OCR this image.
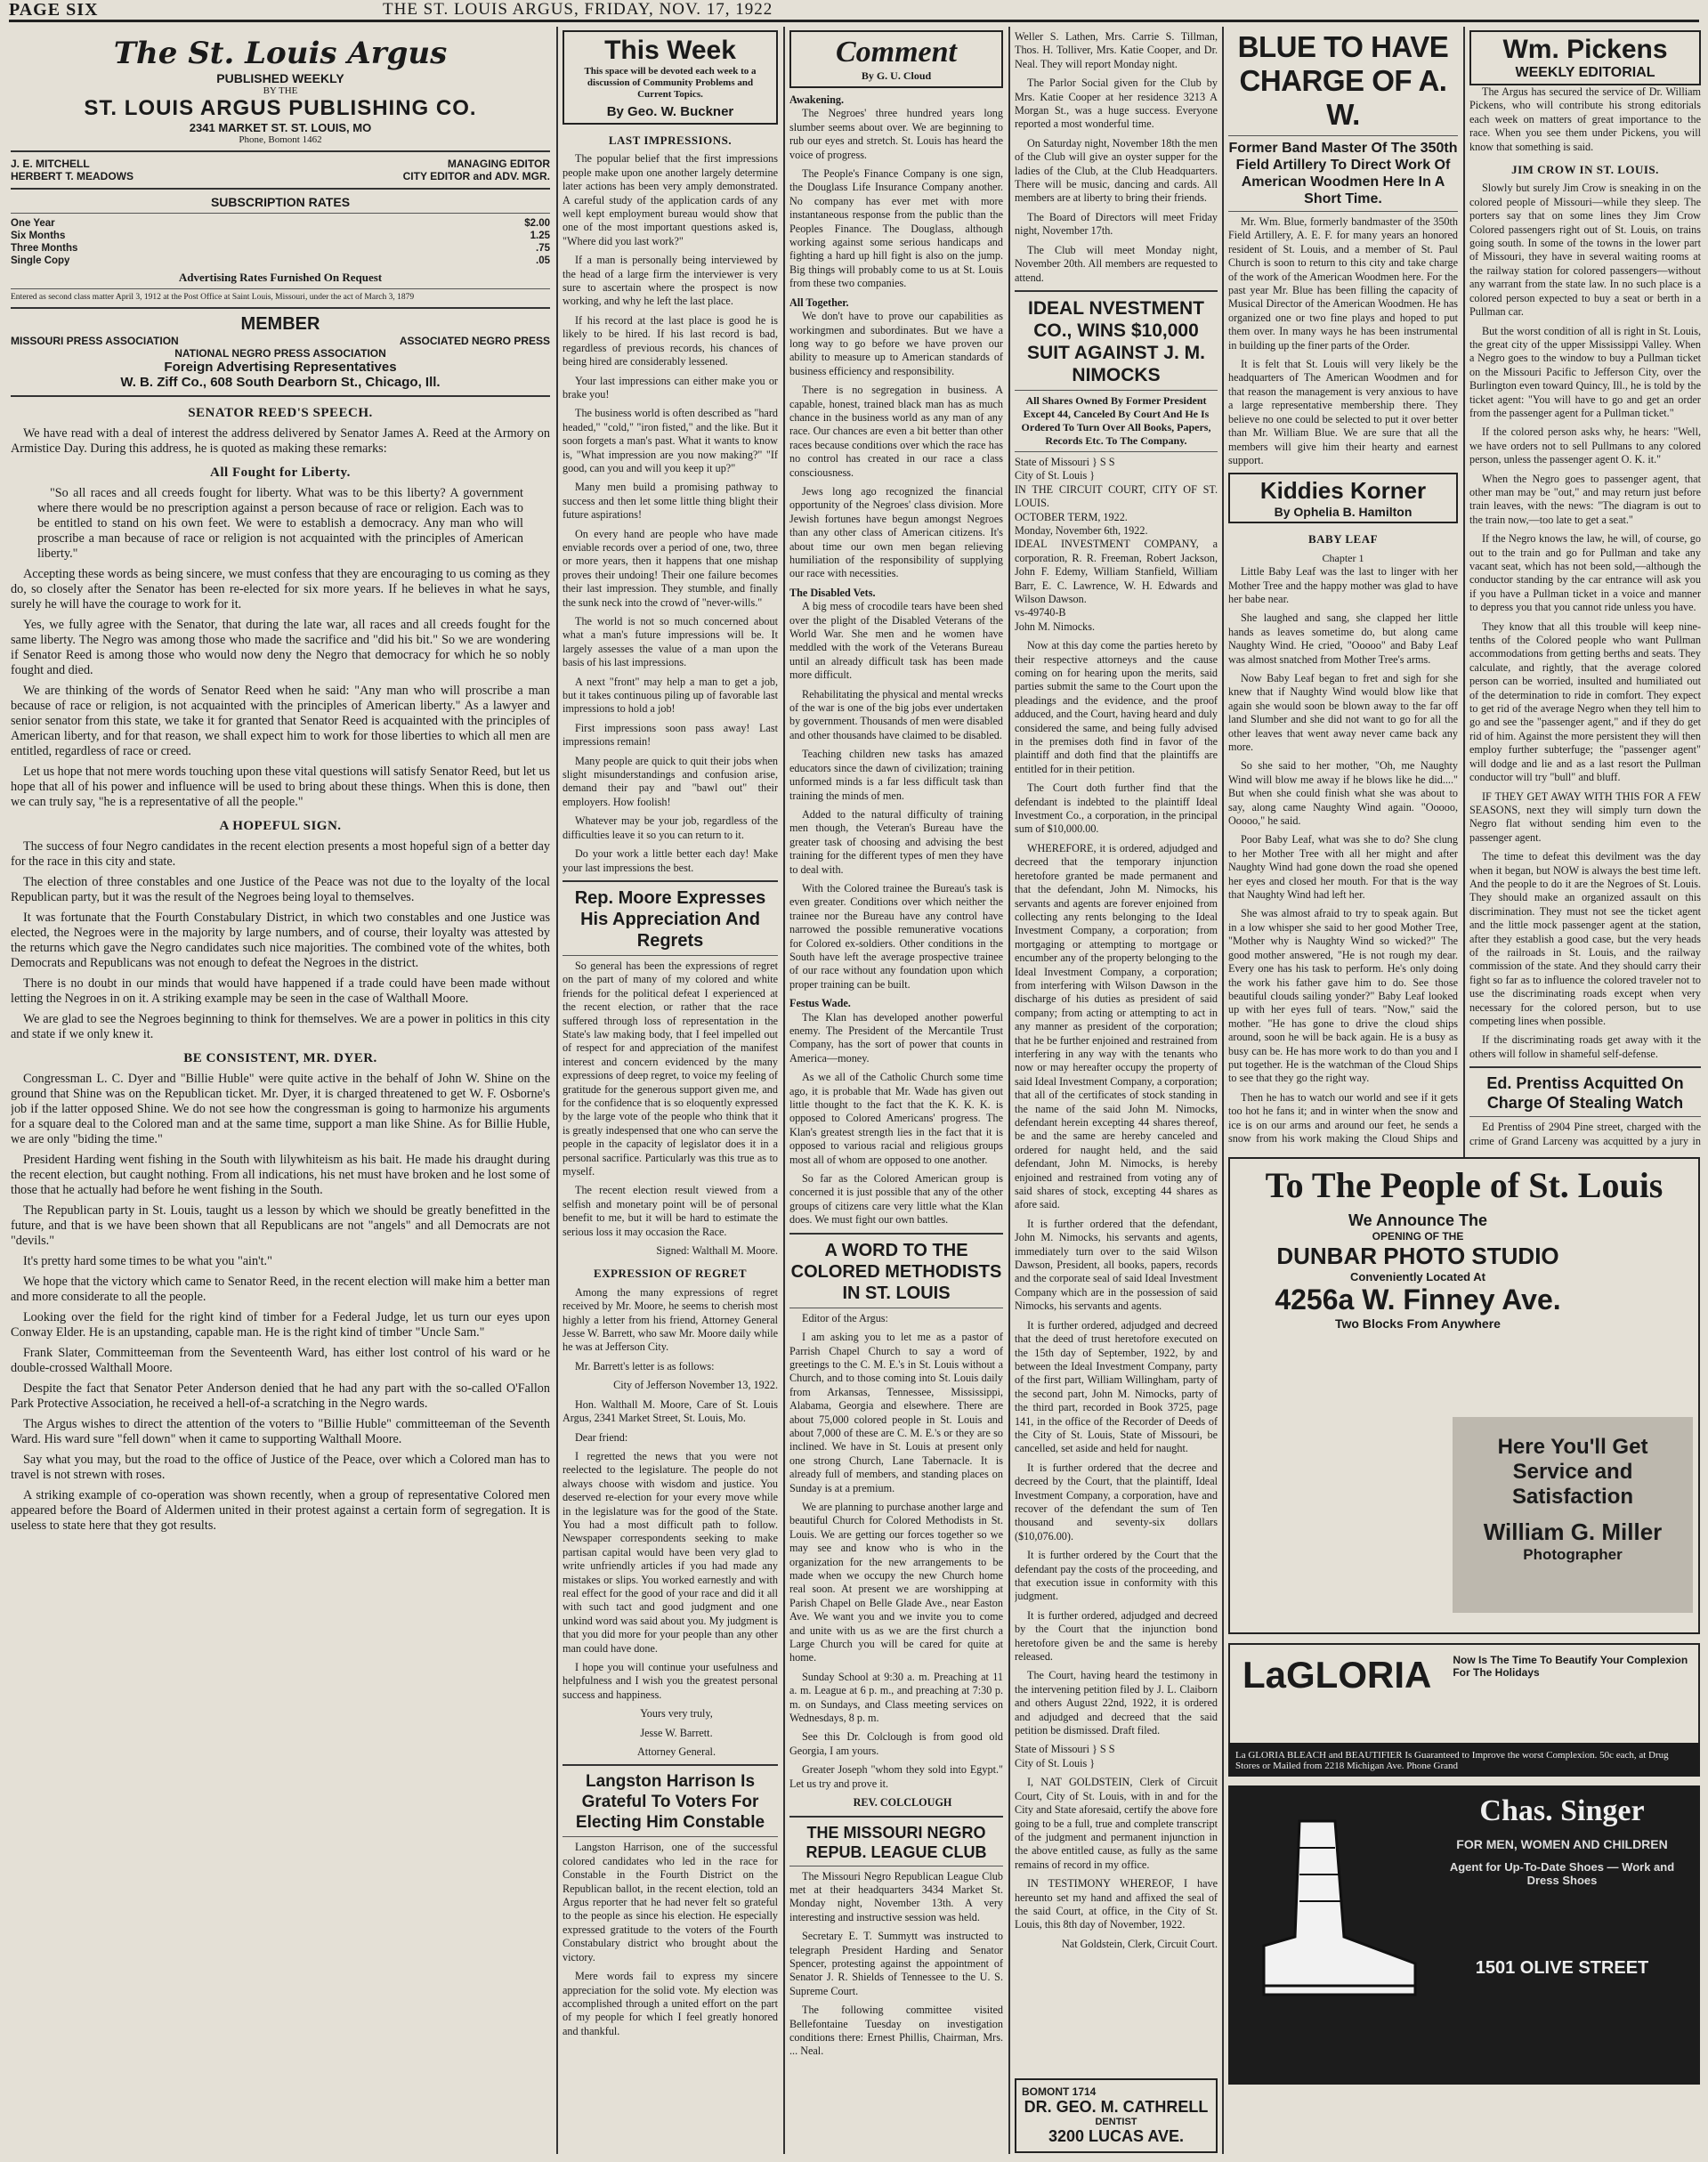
PAGE SIX	THE ST. LOUIS ARGUS, FRIDAY, NOV. 17, 1922
The St. Louis Argus
PUBLISHED WEEKLY
BY THE
ST. LOUIS ARGUS PUBLISHING CO.
2341 MARKET ST. ST. LOUIS, MO
Phone, Bomont 1462
J. E. MITCHELL	MANAGING EDITOR
HERBERT T. MEADOWS	CITY EDITOR and ADV. MGR.
SUBSCRIPTION RATES
One Year	$2.00
Six Months	1.25
Three Months	.75
Single Copy	.05
Advertising Rates Furnished On Request
Entered as second class matter April 3, 1912 at the Post Office at Saint Louis, Missouri, under the act of March 3, 1879
MEMBER
MISSOURI PRESS ASSOCIATION	ASSOCIATED NEGRO PRESS
NATIONAL NEGRO PRESS ASSOCIATION
Foreign Advertising Representatives
W. B. Ziff Co., 608 South Dearborn St., Chicago, Ill.
SENATOR REED'S SPEECH.

We have read with a deal of interest the address delivered by Senator James A. Reed at the Armory on Armistice Day. During this address, he is quoted as making these remarks:

All Fought for Liberty.

"So all races and all creeds fought for liberty. What was to be this liberty? A government where there would be no prescription against a person because of race or religion. Each was to be entitled to stand on his own feet. We were to establish a democracy. Any man who will proscribe a man because of race or religion is not acquainted with the principles of American liberty."

Accepting these words as being sincere, we must confess that they are encouraging to us coming as they do, so closely after the Senator has been re-elected for six more years. If he believes in what he says, surely he will have the courage to work for it.

Yes, we fully agree with the Senator, that during the late war, all races and all creeds fought for the same liberty. The Negro was among those who made the sacrifice and "did his bit." So we are wondering if Senator Reed is among those who would now deny the Negro that democracy for which he so nobly fought and died.

We are thinking of the words of Senator Reed when he said: "Any man who will proscribe a man because of race or religion, is not acquainted with the principles of American liberty." As a lawyer and senior senator from this state, we take it for granted that Senator Reed is acquainted with the principles of American liberty, and for that reason, we shall expect him to work for those liberties to which all men are entitled, regardless of race or creed.

Let us hope that not mere words touching upon these vital questions will satisfy Senator Reed, but let us hope that all of his power and influence will be used to bring about these things. When this is done, then we can truly say, "he is a representative of all the people."

A HOPEFUL SIGN.

The success of four Negro candidates in the recent election presents a most hopeful sign of a better day for the race in this city and state.

The election of three constables and one Justice of the Peace was not due to the loyalty of the local Republican party, but it was the result of the Negroes being loyal to themselves.

It was fortunate that the Fourth Constabulary District, in which two constables and one Justice was elected, the Negroes were in the majority by large numbers, and of course, their loyalty was attested by the returns which gave the Negro candidates such nice majorities. The combined vote of the whites, both Democrats and Republicans was not enough to defeat the Negroes in the district.

There is no doubt in our minds that would have happened if a trade could have been made without letting the Negroes in on it. A striking example may be seen in the case of Walthall Moore.

We are glad to see the Negroes beginning to think for themselves. We are a power in politics in this city and state if we only knew it.

BE CONSISTENT, MR. DYER.

Congressman L. C. Dyer and "Billie Huble" were quite active in the behalf of John W. Shine on the ground that Shine was on the Republican ticket. Mr. Dyer, it is charged threatened to get W. F. Osborne's job if the latter opposed Shine. We do not see how the congressman is going to harmonize his arguments for a square deal to the Colored man and at the same time, support a man like Shine. As for Billie Huble, we are only "biding the time."

President Harding went fishing in the South with lilywhiteism as his bait. He made his draught during the recent election, but caught nothing. From all indications, his net must have broken and he lost some of those that he actually had before he went fishing in the South.

The Republican party in St. Louis, taught us a lesson by which we should be greatly benefitted in the future, and that is we have been shown that all Republicans are not "angels" and all Democrats are not "devils."

It's pretty hard some times to be what you "ain't."

We hope that the victory which came to Senator Reed, in the recent election will make him a better man and more considerate to all the people.

Looking over the field for the right kind of timber for a Federal Judge, let us turn our eyes upon Conway Elder. He is an upstanding, capable man. He is the right kind of timber "Uncle Sam."

Frank Slater, Committeeman from the Seventeenth Ward, has either lost control of his ward or he double-crossed Walthall Moore.

Despite the fact that Senator Peter Anderson denied that he had any part with the so-called O'Fallon Park Protective Association, he received a hell-of-a scratching in the Negro wards.

The Argus wishes to direct the attention of the voters to "Billie Huble" committeeman of the Seventh Ward. His ward sure "fell down" when it came to supporting Walthall Moore.

Say what you may, but the road to the office of Justice of the Peace, over which a Colored man has to travel is not strewn with roses.

A striking example of co-operation was shown recently, when a group of representative Colored men appeared before the Board of Aldermen united in their protest against a certain form of segregation. It is useless to state here that they got results.

This Week
This space will be devoted each week to a discussion of Community Problems and Current Topics.
By Geo. W. Buckner
LAST IMPRESSIONS.

The popular belief that the first impressions people make upon one another largely determine later actions has been very amply demonstrated. A careful study of the application cards of any well kept employment bureau would show that one of the most important questions asked is, "Where did you last work?"

If a man is personally being interviewed by the head of a large firm the interviewer is very sure to ascertain where the prospect is now working, and why he left the last place.

If his record at the last place is good he is likely to be hired. If his last record is bad, regardless of previous records, his chances of being hired are considerably lessened.

Your last impressions can either make you or brake you!

The business world is often described as "hard headed," "cold," "iron fisted," and the like. But it soon forgets a man's past. What it wants to know is, "What impression are you now making?" "If good, can you and will you keep it up?"

Many men build a promising pathway to success and then let some little thing blight their future aspirations!

On every hand are people who have made enviable records over a period of one, two, three or more years, then it happens that one mishap proves their undoing! Their one failure becomes their last impression. They stumble, and finally the sunk neck into the crowd of "never-wills."

The world is not so much concerned about what a man's future impressions will be. It largely assesses the value of a man upon the basis of his last impressions.

A next "front" may help a man to get a job, but it takes continuous piling up of favorable last impressions to hold a job!

First impressions soon pass away! Last impressions remain!

Many people are quick to quit their jobs when slight misunderstandings and confusion arise, demand their pay and "bawl out" their employers. How foolish!

Whatever may be your job, regardless of the difficulties leave it so you can return to it.

Do your work a little better each day! Make your last impressions the best.

Rep. Moore Expresses His Appreciation And Regrets

So general has been the expressions of regret on the part of many of my colored and white friends for the political defeat I experienced at the recent election, or rather that the race suffered through loss of representation in the State's law making body, that I feel impelled out of respect for and appreciation of the manifest interest and concern evidenced by the many expressions of deep regret, to voice my feeling of gratitude for the generous support given me, and for the confidence that is so eloquently expressed by the large vote of the people who think that it is greatly indespensed that one who can serve the people in the capacity of legislator does it in a personal sacrifice. Particularly was this true as to myself.

The recent election result viewed from a selfish and monetary point will be of personal benefit to me, but it will be hard to estimate the serious loss it may occasion the Race.

Signed: Walthall M. Moore.

EXPRESSION OF REGRET

Among the many expressions of regret received by Mr. Moore, he seems to cherish most highly a letter from his friend, Attorney General Jesse W. Barrett, who saw Mr. Moore daily while he was at Jefferson City.

Mr. Barrett's letter is as follows:

City of Jefferson November 13, 1922.

Hon. Walthall M. Moore, Care of St. Louis Argus, 2341 Market Street, St. Louis, Mo.

Dear friend:

I regretted the news that you were not reelected to the legislature. The people do not always choose with wisdom and justice. You deserved re-election for your every move while in the legislature was for the good of the State. You had a most difficult path to follow. Newspaper correspondents seeking to make partisan capital would have been very glad to write unfriendly articles if you had made any mistakes or slips. You worked earnestly and with real effect for the good of your race and did it all with such tact and good judgment and one unkind word was said about you. My judgment is that you did more for your people than any other man could have done.

I hope you will continue your usefulness and helpfulness and I wish you the greatest personal success and happiness.

Yours very truly,

Jesse W. Barrett.

Attorney General.

Langston Harrison Is Grateful To Voters For Electing Him Constable

Langston Harrison, one of the successful colored candidates who led in the race for Constable in the Fourth District on the Republican ballot, in the recent election, told an Argus reporter that he had never felt so grateful to the people as since his election. He especially expressed gratitude to the voters of the Fourth Constabulary district who brought about the victory.

Mere words fail to express my sincere appreciation for the solid vote. My election was accomplished through a united effort on the part of my people for which I feel greatly honored and thankful.

Comment
By G. U. Cloud
Awakening.

The Negroes' three hundred years long slumber seems about over. We are beginning to rub our eyes and stretch. St. Louis has heard the voice of progress.

The People's Finance Company is one sign, the Douglass Life Insurance Company another. No company has ever met with more instantaneous response from the public than the Peoples Finance. The Douglass, although working against some serious handicaps and fighting a hard up hill fight is also on the jump. Big things will probably come to us at St. Louis from these two companies.

All Together.

We don't have to prove our capabilities as workingmen and subordinates. But we have a long way to go before we have proven our ability to measure up to American standards of business efficiency and responsibility.

There is no segregation in business. A capable, honest, trained black man has as much chance in the business world as any man of any race. Our chances are even a bit better than other races because conditions over which the race has no control has created in our race a class consciousness.

Jews long ago recognized the financial opportunity of the Negroes' class division. More Jewish fortunes have begun amongst Negroes than any other class of American citizens. It's about time our own men began relieving humiliation of the responsibility of supplying our race with necessities.

The Disabled Vets.

A big mess of crocodile tears have been shed over the plight of the Disabled Veterans of the World War. She men and he women have meddled with the work of the Veterans Bureau until an already difficult task has been made more difficult.

Rehabilitating the physical and mental wrecks of the war is one of the big jobs ever undertaken by government. Thousands of men were disabled and other thousands have claimed to be disabled.

Teaching children new tasks has amazed educators since the dawn of civilization; training unformed minds is a far less difficult task than training the minds of men.

Added to the natural difficulty of training men though, the Veteran's Bureau have the greater task of choosing and advising the best training for the different types of men they have to deal with.

With the Colored trainee the Bureau's task is even greater. Conditions over which neither the trainee nor the Bureau have any control have narrowed the possible remunerative vocations for Colored ex-soldiers. Other conditions in the South have left the average prospective trainee of our race without any foundation upon which proper training can be built.

Festus Wade.

The Klan has developed another powerful enemy. The President of the Mercantile Trust Company, has the sort of power that counts in America—money.

As we all of the Catholic Church some time ago, it is probable that Mr. Wade has given out little thought to the fact that the K. K. K. is opposed to Colored Americans' progress. The Klan's greatest strength lies in the fact that it is opposed to various racial and religious groups most all of whom are opposed to one another.

So far as the Colored American group is concerned it is just possible that any of the other groups of citizens care very little what the Klan does. We must fight our own battles.

A WORD TO THE COLORED METHODISTS IN ST. LOUIS

Editor of the Argus:

I am asking you to let me as a pastor of Parrish Chapel Church to say a word of greetings to the C. M. E.'s in St. Louis without a Church, and to those coming into St. Louis daily from Arkansas, Tennessee, Mississippi, Alabama, Georgia and elsewhere. There are about 75,000 colored people in St. Louis and about 7,000 of these are C. M. E.'s or they are so inclined. We have in St. Louis at present only one strong Church, Lane Tabernacle. It is already full of members, and standing places on Sunday is at a premium.

We are planning to purchase another large and beautiful Church for Colored Methodists in St. Louis. We are getting our forces together so we may see and know who is who in the organization for the new arrangements to be made when we occupy the new Church home real soon. At present we are worshipping at Parish Chapel on Belle Glade Ave., near Easton Ave. We want you and we invite you to come and unite with us as we are the first church a Large Church you will be cared for quite at home.

Sunday School at 9:30 a. m. Preaching at 11 a. m. League at 6 p. m., and preaching at 7:30 p. m. on Sundays, and Class meeting services on Wednesdays, 8 p. m.

See this Dr. Colclough is from good old Georgia, I am yours.

Greater Joseph "whom they sold into Egypt." Let us try and prove it.

REV. COLCLOUGH

THE MISSOURI NEGRO REPUB. LEAGUE CLUB

The Missouri Negro Republican League Club met at their headquarters 3434 Market St. Monday night, November 13th. A very interesting and instructive session was held.

Secretary E. T. Summytt was instructed to telegraph President Harding and Senator Spencer, protesting against the appointment of Senator J. R. Shields of Tennessee to the U. S. Supreme Court.

The following committee visited Bellefontaine Tuesday on investigation conditions there: Ernest Phillis, Chairman, Mrs. ... Neal.

Weller S. Lathen, Mrs. Carrie S. Tillman, Thos. H. Tolliver, Mrs. Katie Cooper, and Dr. Neal. They will report Monday night.

The Parlor Social given for the Club by Mrs. Katie Cooper at her residence 3213 A Morgan St., was a huge success. Everyone reported a most wonderful time.

On Saturday night, November 18th the men of the Club will give an oyster supper for the ladies of the Club, at the Club Headquarters. There will be music, dancing and cards. All members are at liberty to bring their friends.

The Board of Directors will meet Friday night, November 17th.

The Club will meet Monday night, November 20th. All members are requested to attend.

IDEAL NVESTMENT CO., WINS $10,000 SUIT AGAINST J. M. NIMOCKS
All Shares Owned By Former President Except 44, Canceled By Court And He Is Ordered To Turn Over All Books, Papers, Records Etc. To The Company.

State of Missouri } S S
City of St. Louis }
IN THE CIRCUIT COURT, CITY OF ST. LOUIS.
OCTOBER TERM, 1922.
Monday, November 6th, 1922.
IDEAL INVESTMENT COMPANY, a corporation, R. R. Freeman, Robert Jackson, John F. Edemy, William Stanfield, William Barr, E. C. Lawrence, W. H. Edwards and Wilson Dawson.
vs-49740-B
John M. Nimocks.

Now at this day come the parties hereto by their respective attorneys and the cause coming on for hearing upon the merits, said parties submit the same to the Court upon the pleadings and the evidence, and the proof adduced, and the Court, having heard and duly considered the same, and being fully advised in the premises doth find in favor of the plaintiff and doth find that the plaintiffs are entitled for in their petition.

The Court doth further find that the defendant is indebted to the plaintiff Ideal Investment Co., a corporation, in the principal sum of $10,000.00.

WHEREFORE, it is ordered, adjudged and decreed that the temporary injunction heretofore granted be made permanent and that the defendant, John M. Nimocks, his servants and agents are forever enjoined from collecting any rents belonging to the Ideal Investment Company, a corporation; from mortgaging or attempting to mortgage or encumber any of the property belonging to the Ideal Investment Company, a corporation; from interfering with Wilson Dawson in the discharge of his duties as president of said company; from acting or attempting to act in any manner as president of the corporation; that he be further enjoined and restrained from interfering in any way with the tenants who now or may hereafter occupy the property of said Ideal Investment Company, a corporation; that all of the certificates of stock standing in the name of the said John M. Nimocks, defendant herein excepting 44 shares thereof, be and the same are hereby canceled and ordered for naught held, and the said defendant, John M. Nimocks, is hereby enjoined and restrained from voting any of said shares of stock, excepting 44 shares as afore said.

It is further ordered that the defendant, John M. Nimocks, his servants and agents, immediately turn over to the said Wilson Dawson, President, all books, papers, records and the corporate seal of said Ideal Investment Company which are in the possession of said Nimocks, his servants and agents.

It is further ordered, adjudged and decreed that the deed of trust heretofore executed on the 15th day of September, 1922, by and between the Ideal Investment Company, party of the first part, William Willingham, party of the second part, John M. Nimocks, party of the third part, recorded in Book 3725, page 141, in the office of the Recorder of Deeds of the City of St. Louis, State of Missouri, be cancelled, set aside and held for naught.

It is further ordered that the decree and decreed by the Court, that the plaintiff, Ideal Investment Company, a corporation, have and recover of the defendant the sum of Ten thousand and seventy-six dollars ($10,076.00).

It is further ordered by the Court that the defendant pay the costs of the proceeding, and that execution issue in conformity with this judgment.

It is further ordered, adjudged and decreed by the Court that the injunction bond heretofore given be and the same is hereby released.

The Court, having heard the testimony in the intervening petition filed by J. L. Claiborn and others August 22nd, 1922, it is ordered and adjudged and decreed that the said petition be dismissed. Draft filed.

State of Missouri } S S
City of St. Louis }

I, NAT GOLDSTEIN, Clerk of Circuit Court, City of St. Louis, with in and for the City and State aforesaid, certify the above fore going to be a full, true and complete transcript of the judgment and permanent injunction in the above entitled cause, as fully as the same remains of record in my office.

IN TESTIMONY WHEREOF, I have hereunto set my hand and affixed the seal of the said Court, at office, in the City of St. Louis, this 8th day of November, 1922.

Nat Goldstein, Clerk, Circuit Court.

BOMONT 1714
DR. GEO. M. CATHRELL
DENTIST
3200 LUCAS AVE.
BLUE TO HAVE CHARGE OF A. W.
Former Band Master Of The 350th Field Artillery To Direct Work Of American Woodmen Here In A Short Time.

Mr. Wm. Blue, formerly bandmaster of the 350th Field Artillery, A. E. F. for many years an honored resident of St. Louis, and a member of St. Paul Church is soon to return to this city and take charge of the work of the American Woodmen here. For the past year Mr. Blue has been filling the capacity of Musical Director of the American Woodmen. He has organized one or two fine plays and hoped to put them over. In many ways he has been instrumental in building up the finer parts of the Order.

It is felt that St. Louis will very likely be the headquarters of The American Woodmen and for that reason the management is very anxious to have a large representative membership there. They believe no one could be selected to put it over better than Mr. William Blue. We are sure that all the members will give him their hearty and earnest support.

Kiddies Korner
By Ophelia B. Hamilton
BABY LEAF
Chapter 1

Little Baby Leaf was the last to linger with her Mother Tree and the happy mother was glad to have her babe near.

She laughed and sang, she clapped her little hands as leaves sometime do, but along came Naughty Wind. He cried, "Ooooo" and Baby Leaf was almost snatched from Mother Tree's arms.

Now Baby Leaf began to fret and sigh for she knew that if Naughty Wind would blow like that again she would soon be blown away to the far off land Slumber and she did not want to go for all the other leaves that went away never came back any more.

So she said to her mother, "Oh, me Naughty Wind will blow me away if he blows like he did...." But when she could finish what she was about to say, along came Naughty Wind again. "Ooooo, Ooooo," he said.

Poor Baby Leaf, what was she to do? She clung to her Mother Tree with all her might and after Naughty Wind had gone down the road she opened her eyes and closed her mouth. For that is the way that Naughty Wind had left her.

She was almost afraid to try to speak again. But in a low whisper she said to her good Mother Tree, "Mother why is Naughty Wind so wicked?" The good mother answered, "He is not rough my dear. Every one has his task to perform. He's only doing the work his father gave him to do. See those beautiful clouds sailing yonder?" Baby Leaf looked up with her eyes full of tears. "Now," said the mother. "He has gone to drive the cloud ships around, soon he will be back again. He is a busy as busy can be. He has more work to do than you and I put together. He is the watchman of the Cloud Ships to see that they go the right way.

Then he has to watch our world and see if it gets too hot he fans it; and in winter when the snow and ice is on our arms and around our feet, he sends a snow from his work making the Cloud Ships and

Wm. Pickens
WEEKLY EDITORIAL

The Argus has secured the service of Dr. William Pickens, who will contribute his strong editorials each week on matters of great importance to the race. When you see them under Pickens, you will know that something is said.

JIM CROW IN ST. LOUIS.

Slowly but surely Jim Crow is sneaking in on the colored people of Missouri—while they sleep. The porters say that on some lines they Jim Crow Colored passengers right out of St. Louis, on trains going south. In some of the towns in the lower part of Missouri, they have in several waiting rooms at the railway station for colored passengers—without any warrant from the state law. In no such place is a colored person expected to buy a seat or berth in a Pullman car.

But the worst condition of all is right in St. Louis, the great city of the upper Mississippi Valley. When a Negro goes to the window to buy a Pullman ticket on the Missouri Pacific to Jefferson City, over the Burlington even toward Quincy, Ill., he is told by the ticket agent: "You will have to go and get an order from the passenger agent for a Pullman ticket."

If the colored person asks why, he hears: "Well, we have orders not to sell Pullmans to any colored person, unless the passenger agent O. K. it."

When the Negro goes to passenger agent, that other man may be "out," and may return just before train leaves, with the news: "The diagram is out to the train now,—too late to get a seat."

If the Negro knows the law, he will, of course, go out to the train and go for Pullman and take any vacant seat, which has not been sold,—although the conductor standing by the car entrance will ask you if you have a Pullman ticket in a voice and manner to depress you that you cannot ride unless you have.

They know that all this trouble will keep nine-tenths of the Colored people who want Pullman accommodations from getting berths and seats. They calculate, and rightly, that the average colored person can be worried, insulted and humiliated out of the determination to ride in comfort. They expect to get rid of the average Negro when they tell him to go and see the "passenger agent," and if they do get rid of him. Against the more persistent they will then employ further subterfuge; the "passenger agent" will dodge and lie and as a last resort the Pullman conductor will try "bull" and bluff.

IF THEY GET AWAY WITH THIS FOR A FEW SEASONS, next they will simply turn down the Negro flat without sending him even to the passenger agent.

The time to defeat this devilment was the day when it began, but NOW is always the best time left. And the people to do it are the Negroes of St. Louis. They should make an organized assault on this discrimination. They must not see the ticket agent and the little mock passenger agent at the station, after they establish a good case, but the very heads of the railroads in St. Louis, and the railway commission of the state. And they should carry their fight so far as to influence the colored traveler not to use the discriminating roads except when very necessary for the colored person, but to use competing lines when possible.

If the discriminating roads get away with it the others will follow in shameful self-defense.

Ed. Prentiss Acquitted On Charge Of Stealing Watch

Ed Prentiss of 2904 Pine street, charged with the crime of Grand Larceny was acquitted by a jury in

To The People of St. Louis
We Announce The
OPENING OF THE
DUNBAR PHOTO STUDIO
Conveniently Located At
4256a W. Finney Ave.
Two Blocks From Anywhere
Here You'll Get
Service and Satisfaction
William G. Miller
Photographer
LaGLORIA	Now Is The Time To Beautify Your Complexion For The Holidays
La GLORIA BLEACH and BEAUTIFIER Is Guaranteed to Improve the worst Complexion. 50c each, at Drug Stores or Mailed from 2218 Michigan Ave. Phone Grand
Chas. Singer
FOR MEN, WOMEN AND CHILDREN
Agent for Up-To-Date Shoes — Work and Dress Shoes
1501 OLIVE STREET
